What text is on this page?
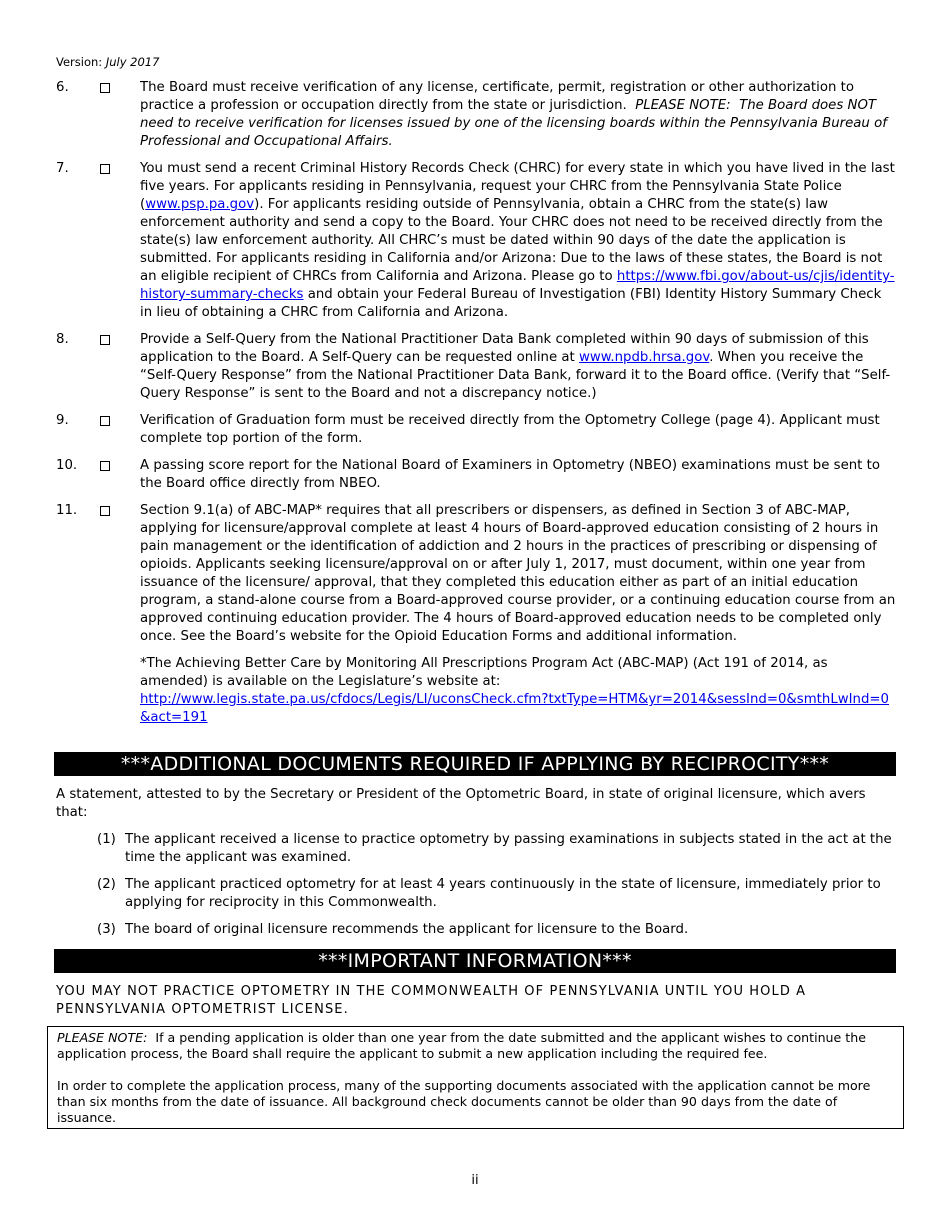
Version: July 2017
6.	The Board must receive verification of any license, certificate, permit, registration or other authorization to practice a profession or occupation directly from the state or jurisdiction. PLEASE NOTE: The Board does NOT need to receive verification for licenses issued by one of the licensing boards within the Pennsylvania Bureau of Professional and Occupational Affairs.
7.	You must send a recent Criminal History Records Check (CHRC) for every state in which you have lived in the last five years. For applicants residing in Pennsylvania, request your CHRC from the Pennsylvania State Police (www.psp.pa.gov). For applicants residing outside of Pennsylvania, obtain a CHRC from the state(s) law enforcement authority and send a copy to the Board. Your CHRC does not need to be received directly from the state(s) law enforcement authority. All CHRC’s must be dated within 90 days of the date the application is submitted. For applicants residing in California and/or Arizona: Due to the laws of these states, the Board is not an eligible recipient of CHRCs from California and Arizona. Please go to https://www.fbi.gov/about-us/cjis/identity-history-summary-checks and obtain your Federal Bureau of Investigation (FBI) Identity History Summary Check in lieu of obtaining a CHRC from California and Arizona.
8.	Provide a Self-Query from the National Practitioner Data Bank completed within 90 days of submission of this application to the Board. A Self-Query can be requested online at www.npdb.hrsa.gov. When you receive the “Self-Query Response” from the National Practitioner Data Bank, forward it to the Board office. (Verify that “Self-Query Response” is sent to the Board and not a discrepancy notice.)
9.	Verification of Graduation form must be received directly from the Optometry College (page 4). Applicant must complete top portion of the form.
10.	A passing score report for the National Board of Examiners in Optometry (NBEO) examinations must be sent to the Board office directly from NBEO.
11.	Section 9.1(a) of ABC-MAP* requires that all prescribers or dispensers, as defined in Section 3 of ABC-MAP, applying for licensure/approval complete at least 4 hours of Board-approved education consisting of 2 hours in pain management or the identification of addiction and 2 hours in the practices of prescribing or dispensing of opioids. Applicants seeking licensure/approval on or after July 1, 2017, must document, within one year from issuance of the licensure/ approval, that they completed this education either as part of an initial education program, a stand-alone course from a Board-approved course provider, or a continuing education course from an approved continuing education provider. The 4 hours of Board-approved education needs to be completed only once. See the Board’s website for the Opioid Education Forms and additional information.
*The Achieving Better Care by Monitoring All Prescriptions Program Act (ABC-MAP) (Act 191 of 2014, as amended) is available on the Legislature’s website at:
http://www.legis.state.pa.us/cfdocs/Legis/LI/uconsCheck.cfm?txtType=HTM&yr=2014&sessInd=0&smthLwInd=0&act=191
***ADDITIONAL DOCUMENTS REQUIRED IF APPLYING BY RECIPROCITY***
A statement, attested to by the Secretary or President of the Optometric Board, in state of original licensure, which avers that:
(1) The applicant received a license to practice optometry by passing examinations in subjects stated in the act at the time the applicant was examined.
(2) The applicant practiced optometry for at least 4 years continuously in the state of licensure, immediately prior to applying for reciprocity in this Commonwealth.
(3) The board of original licensure recommends the applicant for licensure to the Board.
***IMPORTANT INFORMATION***
YOU MAY NOT PRACTICE OPTOMETRY IN THE COMMONWEALTH OF PENNSYLVANIA UNTIL YOU HOLD A PENNSYLVANIA OPTOMETRIST LICENSE.

PLEASE NOTE: If a pending application is older than one year from the date submitted and the applicant wishes to continue the application process, the Board shall require the applicant to submit a new application including the required fee.

In order to complete the application process, many of the supporting documents associated with the application cannot be more than six months from the date of issuance. All background check documents cannot be older than 90 days from the date of issuance.

ii
